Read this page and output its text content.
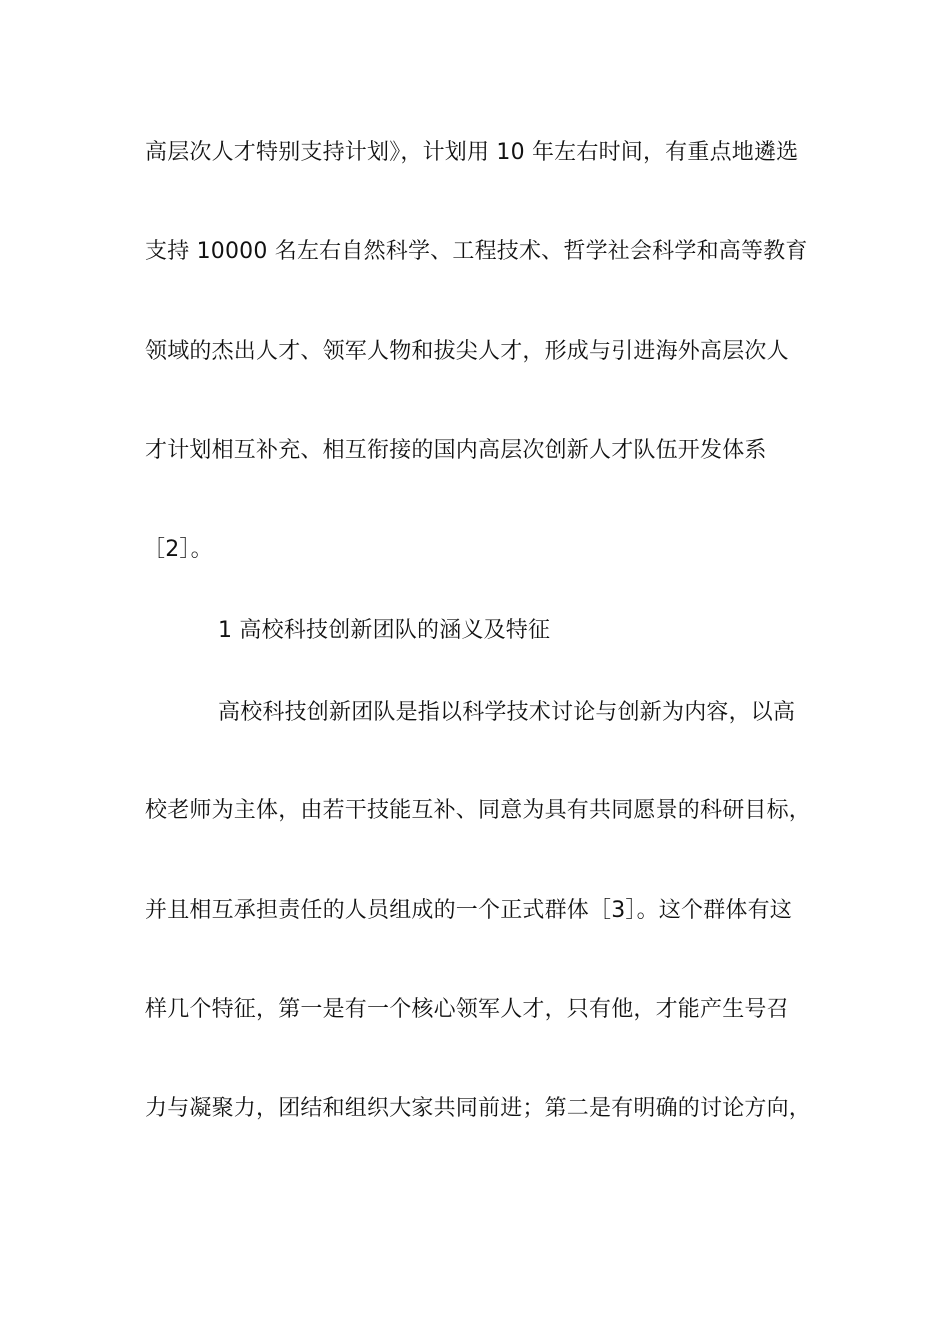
高层次人才特别支持计划》，计划用 10 年左右时间，有重点地遴选
支持 10000 名左右自然科学、工程技术、哲学社会科学和高等教育
领域的杰出人才、领军人物和拔尖人才，形成与引进海外高层次人
才计划相互补充、相互衔接的国内高层次创新人才队伍开发体系
［2］。
1 高校科技创新团队的涵义及特征
高校科技创新团队是指以科学技术讨论与创新为内容，以高
校老师为主体，由若干技能互补、同意为具有共同愿景的科研目标，
并且相互承担责任的人员组成的一个正式群体［3］。这个群体有这
样几个特征，第一是有一个核心领军人才，只有他，才能产生号召
力与凝聚力，团结和组织大家共同前进；第二是有明确的讨论方向，
